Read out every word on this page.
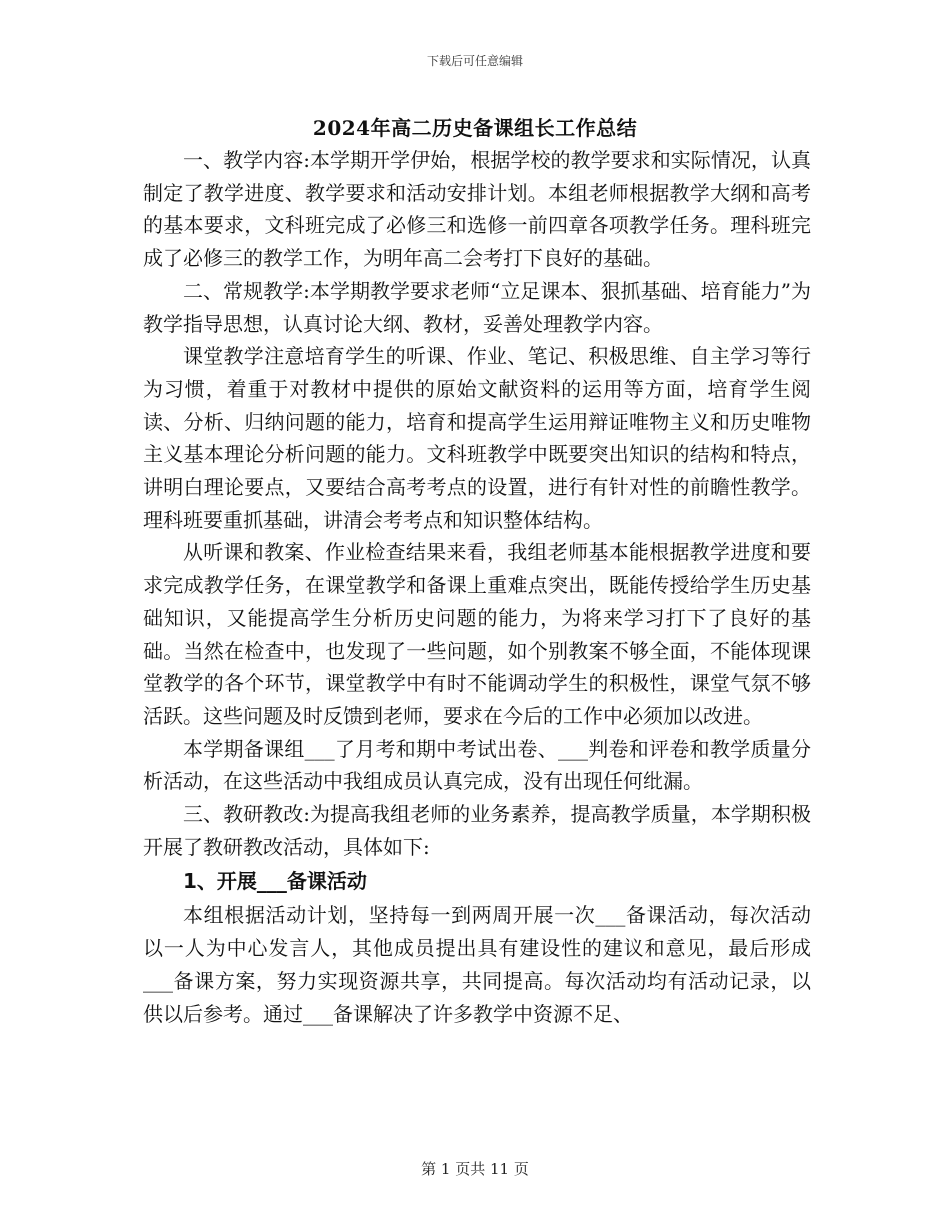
下载后可任意编辑
2024年高二历史备课组长工作总结

一、教学内容:本学期开学伊始，根据学校的教学要求和实际情况，认真制定了教学进度、教学要求和活动安排计划。本组老师根据教学大纲和高考的基本要求，文科班完成了必修三和选修一前四章各项教学任务。理科班完成了必修三的教学工作，为明年高二会考打下良好的基础。

二、常规教学:本学期教学要求老师“立足课本、狠抓基础、培育能力”为教学指导思想，认真讨论大纲、教材，妥善处理教学内容。

课堂教学注意培育学生的听课、作业、笔记、积极思维、自主学习等行为习惯，着重于对教材中提供的原始文献资料的运用等方面，培育学生阅读、分析、归纳问题的能力，培育和提高学生运用辩证唯物主义和历史唯物主义基本理论分析问题的能力。文科班教学中既要突出知识的结构和特点，讲明白理论要点，又要结合高考考点的设置，进行有针对性的前瞻性教学。理科班要重抓基础，讲清会考考点和知识整体结构。

从听课和教案、作业检查结果来看，我组老师基本能根据教学进度和要求完成教学任务，在课堂教学和备课上重难点突出，既能传授给学生历史基础知识，又能提高学生分析历史问题的能力，为将来学习打下了良好的基础。当然在检查中，也发现了一些问题，如个别教案不够全面，不能体现课堂教学的各个环节，课堂教学中有时不能调动学生的积极性，课堂气氛不够活跃。这些问题及时反馈到老师，要求在今后的工作中必须加以改进。

本学期备课组___了月考和期中考试出卷、___判卷和评卷和教学质量分析活动，在这些活动中我组成员认真完成，没有出现任何纰漏。

三、教研教改:为提高我组老师的业务素养，提高教学质量，本学期积极开展了教研教改活动，具体如下:

1、开展___备课活动

本组根据活动计划，坚持每一到两周开展一次___备课活动，每次活动以一人为中心发言人，其他成员提出具有建设性的建议和意见，最后形成___备课方案，努力实现资源共享，共同提高。每次活动均有活动记录，以供以后参考。通过___备课解决了许多教学中资源不足、

第 1 页共 11 页
